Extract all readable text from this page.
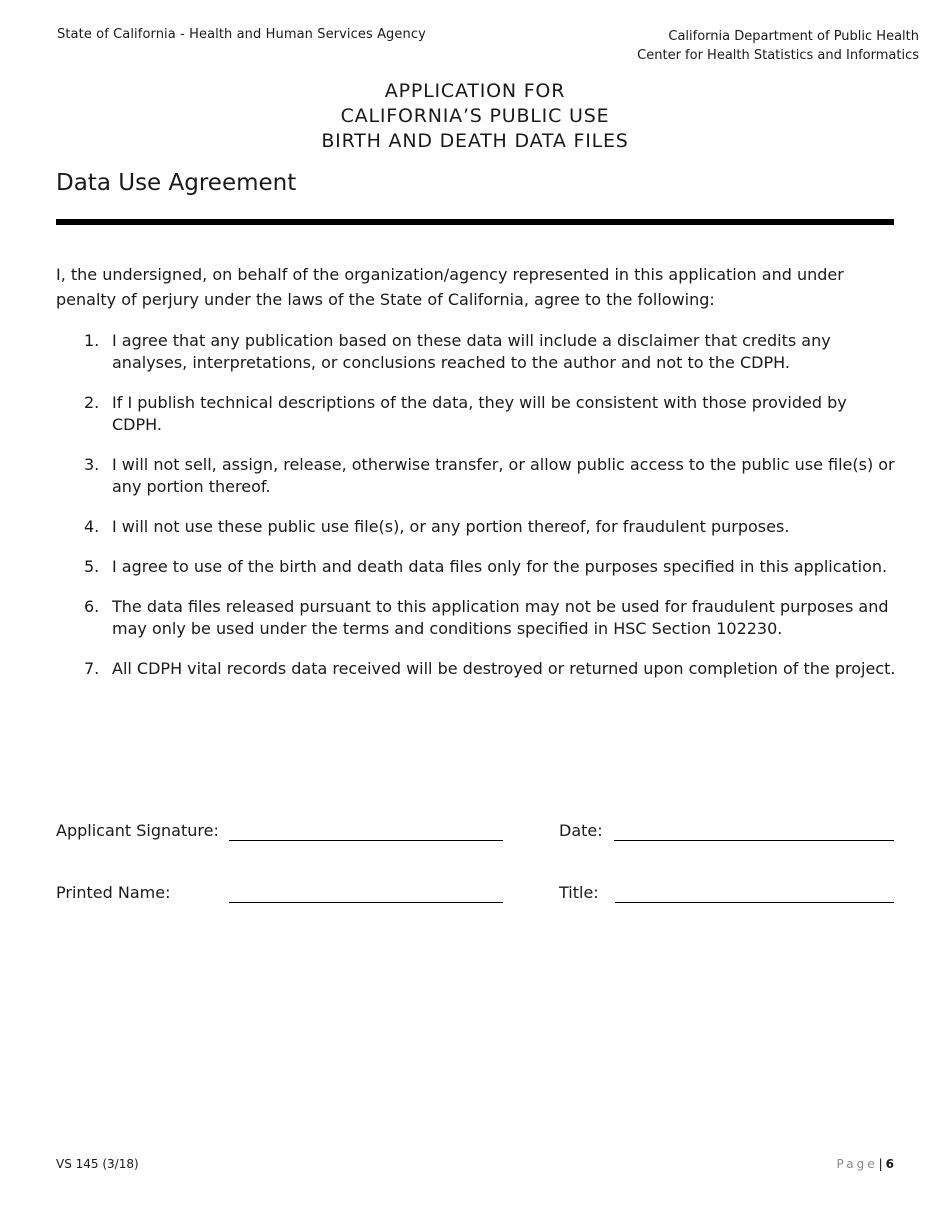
State of California - Health and Human Services Agency	California Department of Public Health
Center for Health Statistics and Informatics
APPLICATION FOR
CALIFORNIA’S PUBLIC USE
BIRTH AND DEATH DATA FILES
Data Use Agreement
I, the undersigned, on behalf of the organization/agency represented in this application and under penalty of perjury under the laws of the State of California, agree to the following:
1. I agree that any publication based on these data will include a disclaimer that credits any analyses, interpretations, or conclusions reached to the author and not to the CDPH.
2. If I publish technical descriptions of the data, they will be consistent with those provided by CDPH.
3. I will not sell, assign, release, otherwise transfer, or allow public access to the public use file(s) or any portion thereof.
4. I will not use these public use file(s), or any portion thereof, for fraudulent purposes.
5. I agree to use of the birth and death data files only for the purposes specified in this application.
6. The data files released pursuant to this application may not be used for fraudulent purposes and may only be used under the terms and conditions specified in HSC Section 102230.
7. All CDPH vital records data received will be destroyed or returned upon completion of the project.
Applicant Signature:	Date:
Printed Name:	Title:
VS 145 (3/18)	Page| 6
